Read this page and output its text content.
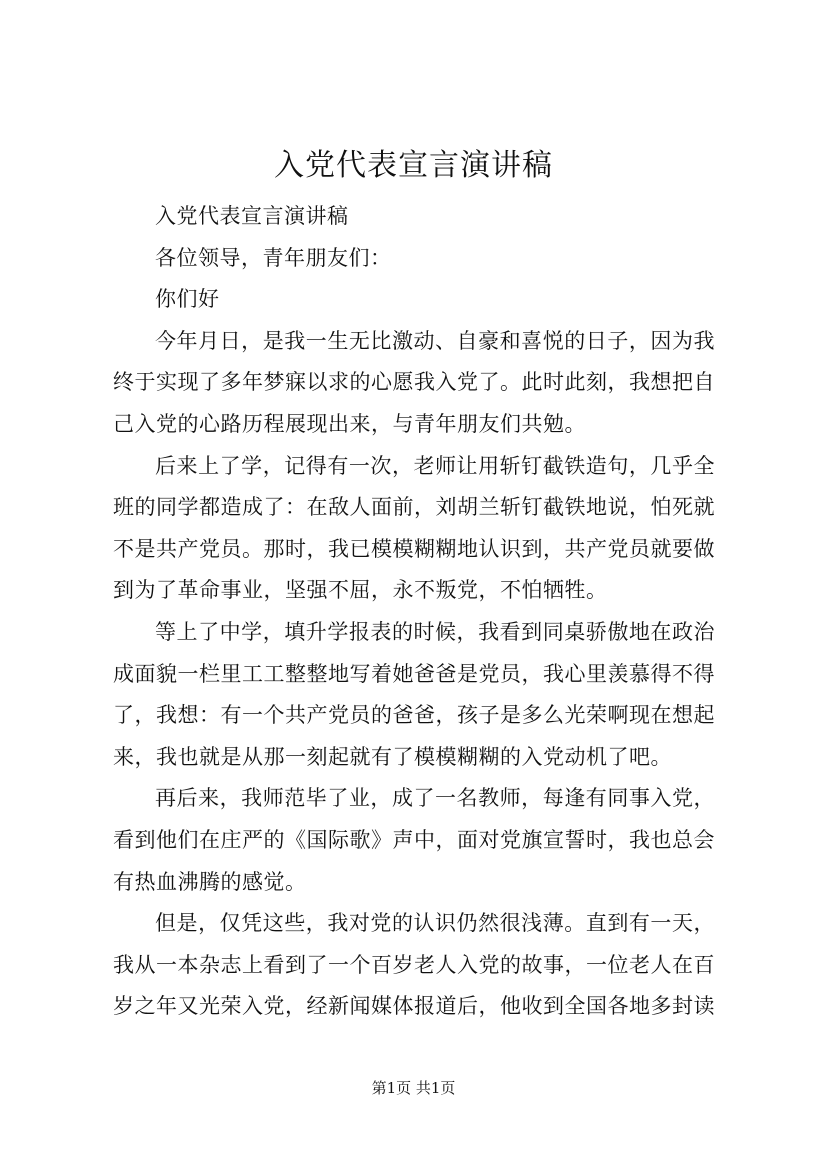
入党代表宣言演讲稿

入党代表宣言演讲稿

各位领导，青年朋友们：

你们好

今年月日，是我一生无比激动、自豪和喜悦的日子，因为我终于实现了多年梦寐以求的心愿我入党了。此时此刻，我想把自己入党的心路历程展现出来，与青年朋友们共勉。

后来上了学，记得有一次，老师让用斩钉截铁造句，几乎全班的同学都造成了：在敌人面前，刘胡兰斩钉截铁地说，怕死就不是共产党员。那时，我已模模糊糊地认识到，共产党员就要做到为了革命事业，坚强不屈，永不叛党，不怕牺牲。

等上了中学，填升学报表的时候，我看到同桌骄傲地在政治成面貌一栏里工工整整地写着她爸爸是党员，我心里羡慕得不得了，我想：有一个共产党员的爸爸，孩子是多么光荣啊现在想起来，我也就是从那一刻起就有了模模糊糊的入党动机了吧。

再后来，我师范毕了业，成了一名教师，每逢有同事入党，看到他们在庄严的《国际歌》声中，面对党旗宣誓时，我也总会有热血沸腾的感觉。

但是，仅凭这些，我对党的认识仍然很浅薄。直到有一天，我从一本杂志上看到了一个百岁老人入党的故事，一位老人在百岁之年又光荣入党，经新闻媒体报道后，他收到全国各地多封读

第1页 共1页
